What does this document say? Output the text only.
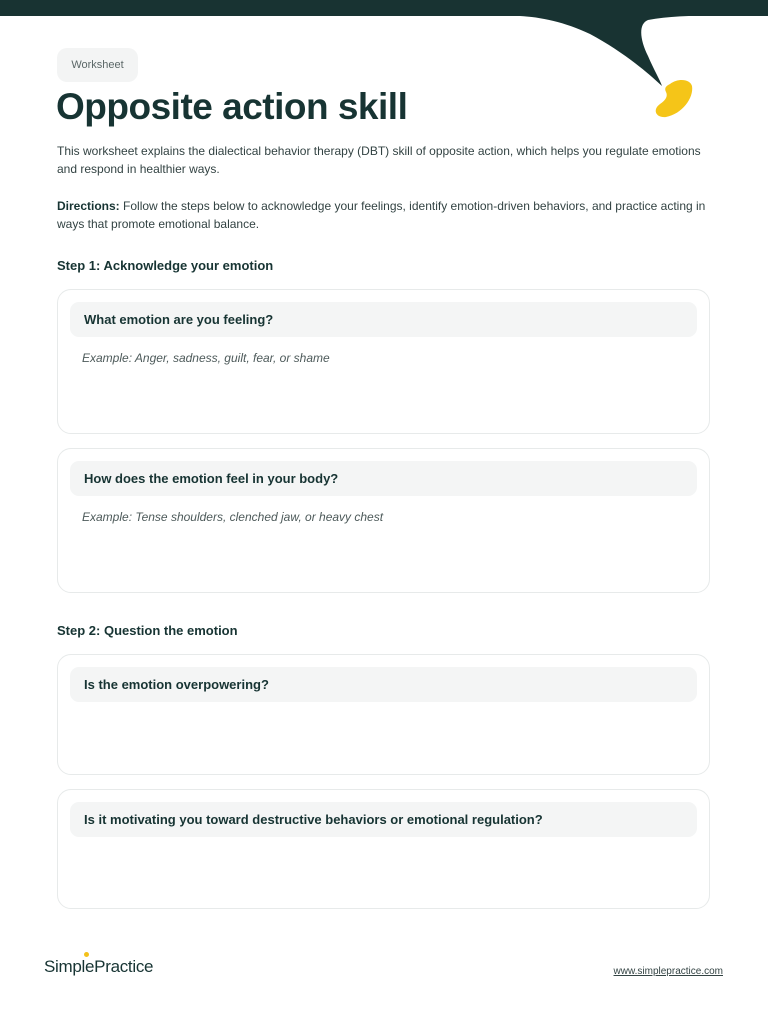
Worksheet
Opposite action skill

This worksheet explains the dialectical behavior therapy (DBT) skill of opposite action, which helps you regulate emotions and respond in healthier ways.

Directions: Follow the steps below to acknowledge your feelings, identify emotion-driven behaviors, and practice acting in ways that promote emotional balance.

Step 1: Acknowledge your emotion
What emotion are you feeling?
Example: Anger, sadness, guilt, fear, or shame
How does the emotion feel in your body?
Example: Tense shoulders, clenched jaw, or heavy chest
Step 2: Question the emotion
Is the emotion overpowering?
Is it motivating you toward destructive behaviors or emotional regulation?
SimplePractice	www.simplepractice.com
